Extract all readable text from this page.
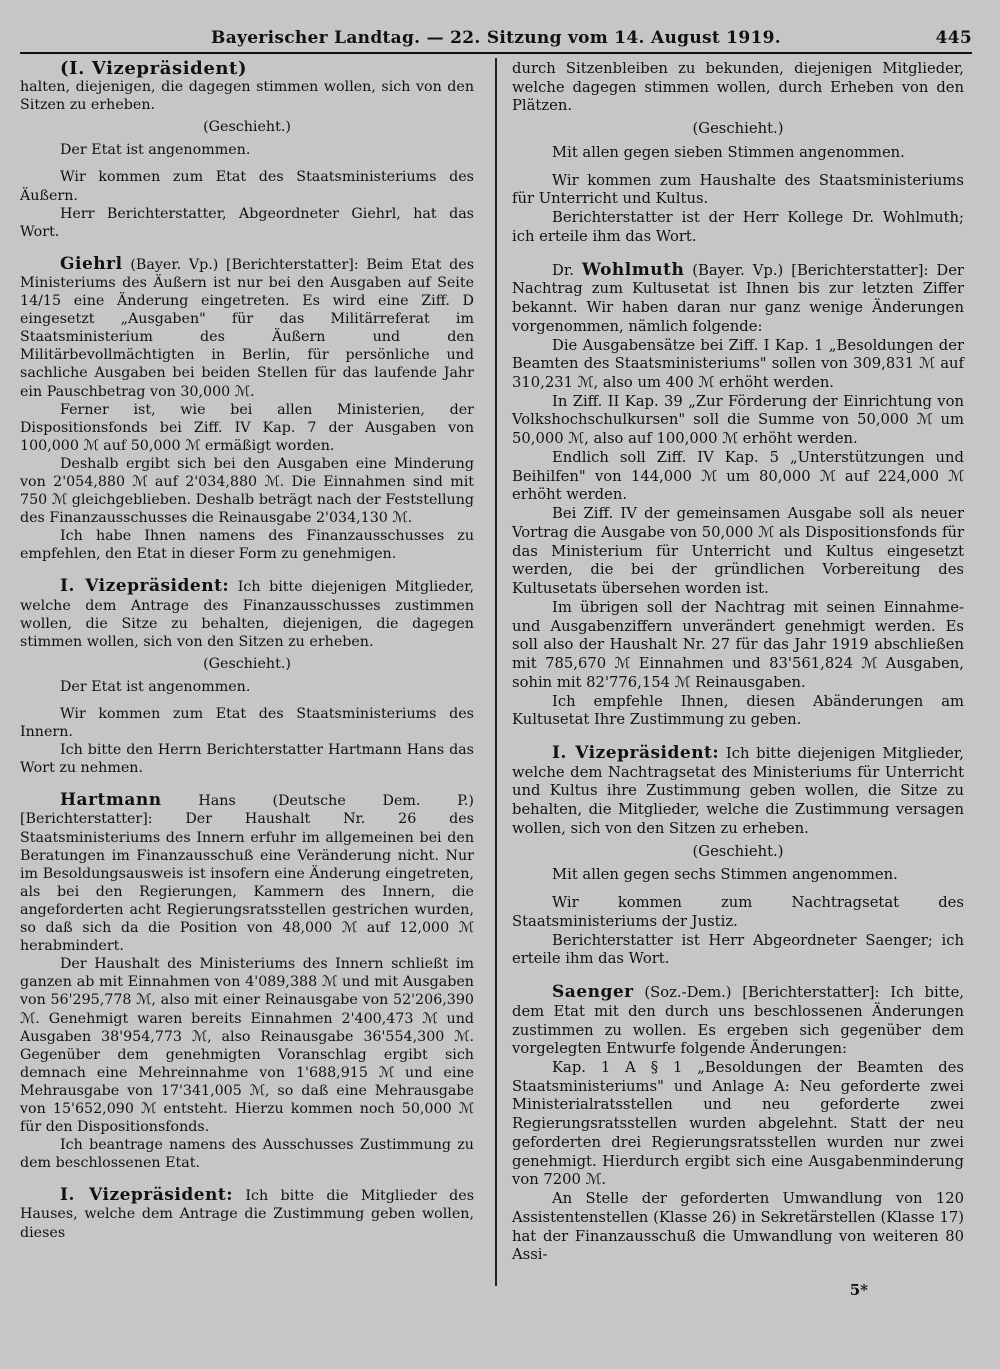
Bayerischer Landtag. — 22. Sitzung vom 14. August 1919.	445

(I. Vizepräsident)

halten, diejenigen, die dagegen stimmen wollen, sich von den Sitzen zu erheben.

(Geschieht.)

Der Etat ist angenommen.

Wir kommen zum Etat des Staatsministeriums des Äußern.

Herr Berichterstatter, Abgeordneter Giehrl, hat das Wort.

Giehrl (Bayer. Vp.) [Berichterstatter]: Beim Etat des Ministeriums des Äußern ist nur bei den Ausgaben auf Seite 14/15 eine Änderung eingetreten. Es wird eine Ziff. D eingesetzt „Ausgaben" für das Militärreferat im Staatsministerium des Äußern und den Militärbevollmächtigten in Berlin, für persönliche und sachliche Ausgaben bei beiden Stellen für das laufende Jahr ein Pauschbetrag von 30,000 ℳ.

Ferner ist, wie bei allen Ministerien, der Dispositionsfonds bei Ziff. IV Kap. 7 der Ausgaben von 100,000 ℳ auf 50,000 ℳ ermäßigt worden.

Deshalb ergibt sich bei den Ausgaben eine Minderung von 2'054,880 ℳ auf 2'034,880 ℳ. Die Einnahmen sind mit 750 ℳ gleichgeblieben. Deshalb beträgt nach der Feststellung des Finanzausschusses die Reinausgabe 2'034,130 ℳ.

Ich habe Ihnen namens des Finanzausschusses zu empfehlen, den Etat in dieser Form zu genehmigen.

I. Vizepräsident: Ich bitte diejenigen Mitglieder, welche dem Antrage des Finanzausschusses zustimmen wollen, die Sitze zu behalten, diejenigen, die dagegen stimmen wollen, sich von den Sitzen zu erheben.

(Geschieht.)

Der Etat ist angenommen.

Wir kommen zum Etat des Staatsministeriums des Innern.

Ich bitte den Herrn Berichterstatter Hartmann Hans das Wort zu nehmen.

Hartmann	Hans (Deutsche Dem. P.) [Berichterstatter]: Der Haushalt Nr. 26 des Staatsministeriums des Innern erfuhr im allgemeinen bei den Beratungen im Finanzausschuß eine Veränderung nicht. Nur im Besoldungsausweis ist insofern eine Änderung eingetreten, als bei den Regierungen, Kammern des Innern, die angeforderten acht Regierungsratsstellen gestrichen wurden, so daß sich da die Position von 48,000 ℳ auf 12,000 ℳ herabmindert.

Der Haushalt des Ministeriums des Innern schließt im ganzen ab mit Einnahmen von 4'089,388 ℳ und mit Ausgaben von 56'295,778 ℳ, also mit einer Reinausgabe von 52'206,390 ℳ. Genehmigt waren bereits Einnahmen 2'400,473 ℳ und Ausgaben 38'954,773 ℳ, also Reinausgabe 36'554,300 ℳ. Gegenüber dem genehmigten Voranschlag ergibt sich demnach eine Mehreinnahme von 1'688,915 ℳ und eine Mehrausgabe von 17'341,005 ℳ, so daß eine Mehrausgabe von 15'652,090 ℳ entsteht. Hierzu kommen noch 50,000 ℳ für den Dispositionsfonds.

Ich beantrage namens des Ausschusses Zustimmung zu dem beschlossenen Etat.

I. Vizepräsident: Ich bitte die Mitglieder des Hauses, welche dem Antrage die Zustimmung geben wollen, dieses

durch Sitzenbleiben zu bekunden, diejenigen Mitglieder, welche dagegen stimmen wollen, durch Erheben von den Plätzen.

(Geschieht.)

Mit allen gegen sieben Stimmen angenommen.

Wir kommen zum Haushalte des Staatsministeriums für Unterricht und Kultus.

Berichterstatter ist der Herr Kollege Dr. Wohlmuth; ich erteile ihm das Wort.

Dr. Wohlmuth (Bayer. Vp.) [Berichterstatter]: Der Nachtrag zum Kultusetat ist Ihnen bis zur letzten Ziffer bekannt. Wir haben daran nur ganz wenige Änderungen vorgenommen, nämlich folgende:

Die Ausgabensätze bei Ziff. I Kap. 1 „Besoldungen der Beamten des Staatsministeriums" sollen von 309,831 ℳ auf 310,231 ℳ, also um 400 ℳ erhöht werden.

In Ziff. II Kap. 39 „Zur Förderung der Einrichtung von Volkshochschulkursen" soll die Summe von 50,000 ℳ um 50,000 ℳ, also auf 100,000 ℳ erhöht werden.

Endlich soll Ziff. IV Kap. 5 „Unterstützungen und Beihilfen" von 144,000 ℳ um 80,000 ℳ auf 224,000 ℳ erhöht werden.

Bei Ziff. IV der gemeinsamen Ausgabe soll als neuer Vortrag die Ausgabe von 50,000 ℳ als Dispositionsfonds für das Ministerium für Unterricht und Kultus eingesetzt werden, die bei der gründlichen Vorbereitung des Kultusetats übersehen worden ist.

Im übrigen soll der Nachtrag mit seinen Einnahme- und Ausgabenziffern unverändert genehmigt werden. Es soll also der Haushalt Nr. 27 für das Jahr 1919 abschließen mit 785,670 ℳ Einnahmen und 83'561,824 ℳ Ausgaben, sohin mit 82'776,154 ℳ Reinausgaben.

Ich empfehle Ihnen, diesen Abänderungen am Kultusetat Ihre Zustimmung zu geben.

I. Vizepräsident: Ich bitte diejenigen Mitglieder, welche dem Nachtragsetat des Ministeriums für Unterricht und Kultus ihre Zustimmung geben wollen, die Sitze zu behalten, die Mitglieder, welche die Zustimmung versagen wollen, sich von den Sitzen zu erheben.

(Geschieht.)

Mit allen gegen sechs Stimmen angenommen.

Wir kommen zum Nachtragsetat des Staatsministeriums der Justiz.

Berichterstatter ist Herr Abgeordneter Saenger; ich erteile ihm das Wort.

Saenger (Soz.-Dem.) [Berichterstatter]: Ich bitte, dem Etat mit den durch uns beschlossenen Änderungen zustimmen zu wollen. Es ergeben sich gegenüber dem vorgelegten Entwurfe folgende Änderungen:

Kap. 1 A § 1 „Besoldungen der Beamten des Staatsministeriums" und Anlage A: Neu geforderte zwei Ministerialratsstellen und neu geforderte zwei Regierungsratsstellen wurden abgelehnt. Statt der neu geforderten drei Regierungsratsstellen wurden nur zwei genehmigt. Hierdurch ergibt sich eine Ausgabenminderung von 7200 ℳ.

An Stelle der geforderten Umwandlung von 120 Assistentenstellen (Klasse 26) in Sekretärstellen (Klasse 17) hat der Finanzausschuß die Umwandlung von weiteren 80 Assi-

5*
